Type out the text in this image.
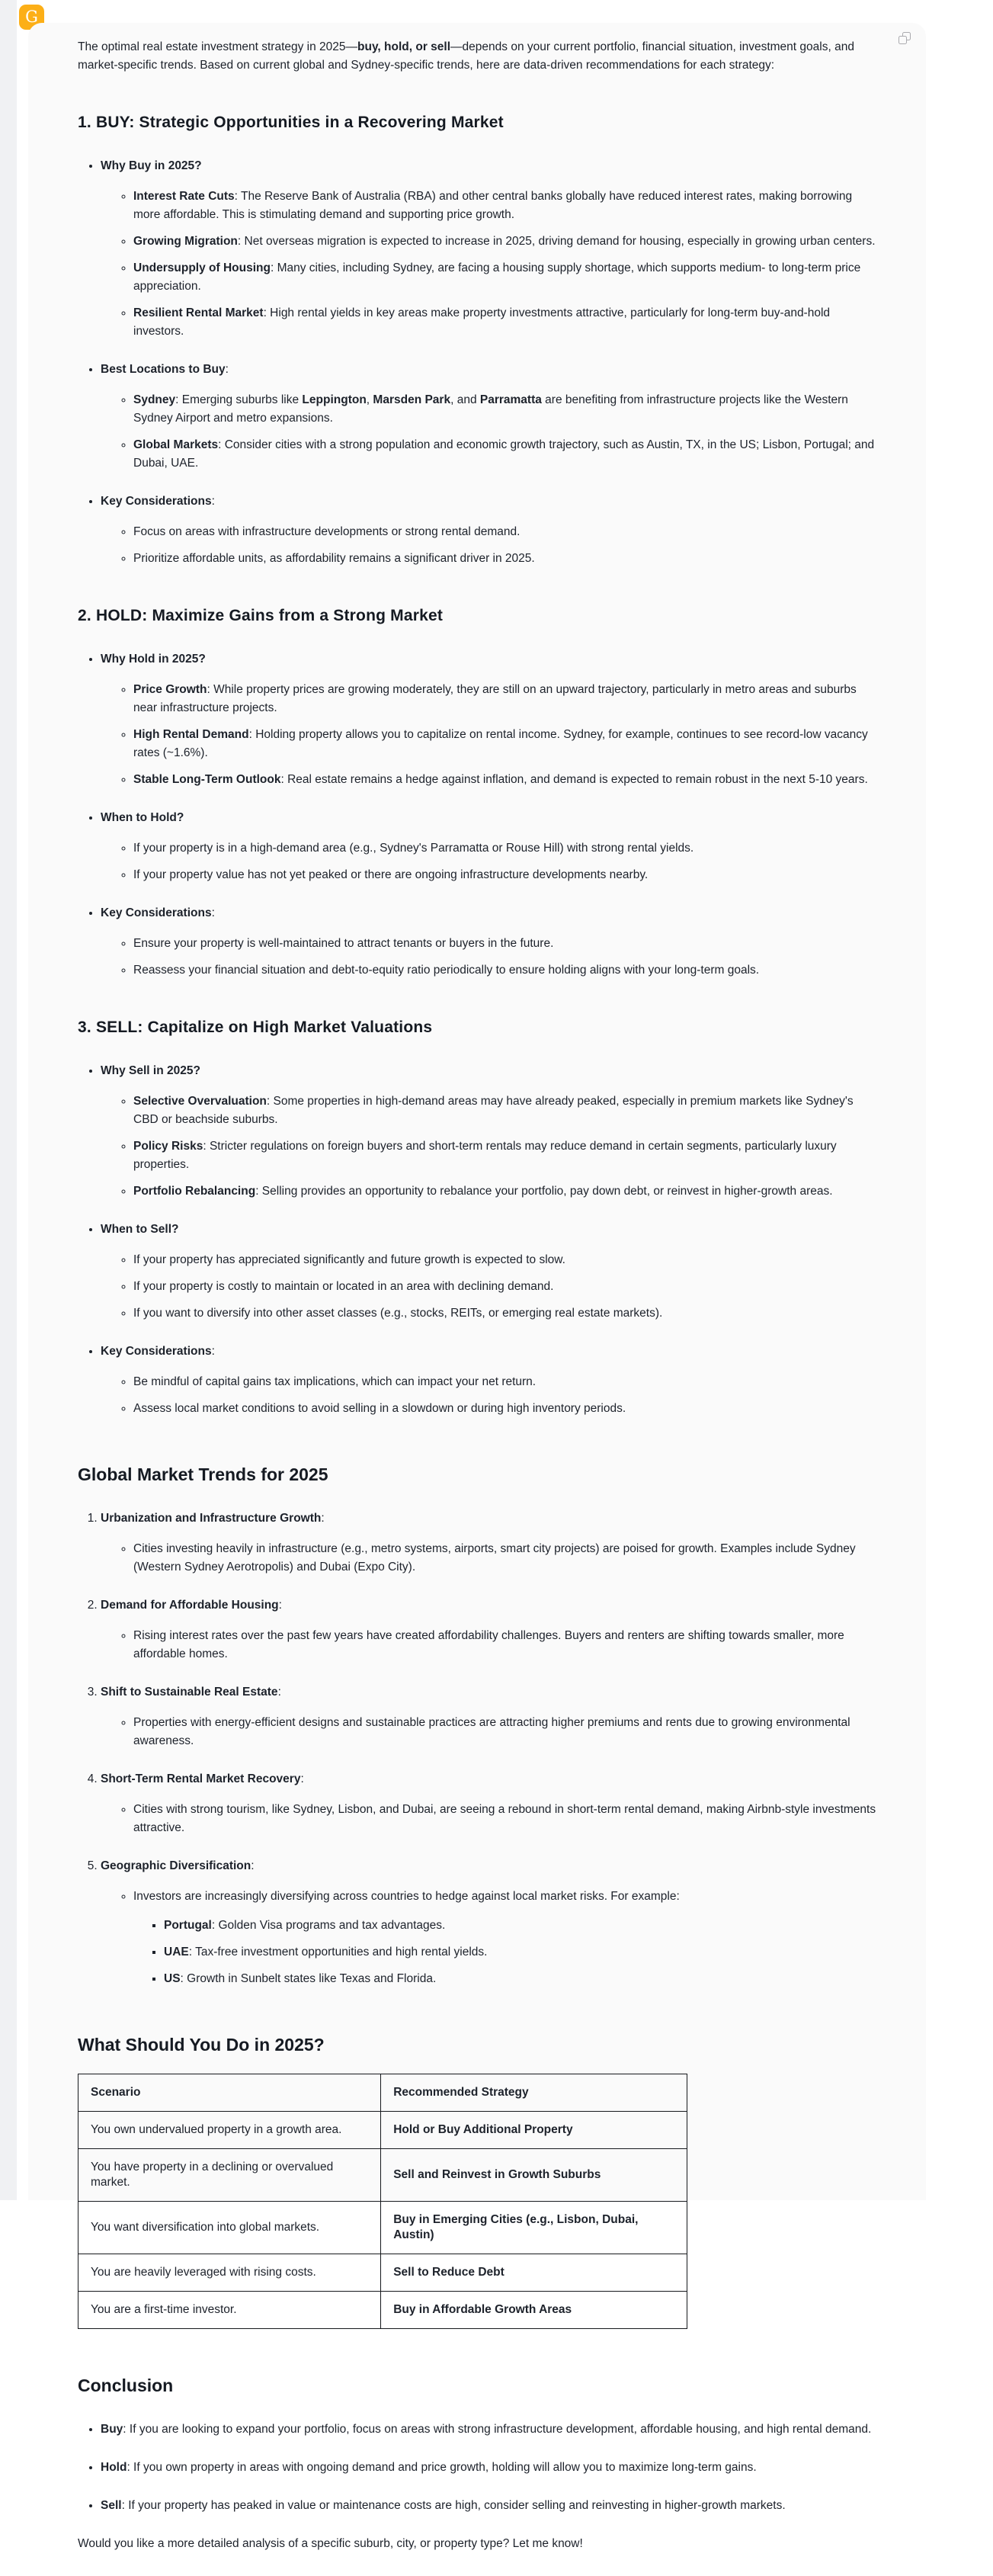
G

The optimal real estate investment strategy in 2025—buy, hold, or sell—depends on your current portfolio, financial situation, investment goals, and market-specific trends. Based on current global and Sydney-specific trends, here are data-driven recommendations for each strategy:

1. BUY: Strategic Opportunities in a Recovering Market
• Why Buy in 2025?
◦ Interest Rate Cuts: The Reserve Bank of Australia (RBA) and other central banks globally have reduced interest rates, making borrowing more affordable. This is stimulating demand and supporting price growth.
◦ Growing Migration: Net overseas migration is expected to increase in 2025, driving demand for housing, especially in growing urban centers.
◦ Undersupply of Housing: Many cities, including Sydney, are facing a housing supply shortage, which supports medium- to long-term price appreciation.
◦ Resilient Rental Market: High rental yields in key areas make property investments attractive, particularly for long-term buy-and-hold investors.
• Best Locations to Buy:
◦ Sydney: Emerging suburbs like Leppington, Marsden Park, and Parramatta are benefiting from infrastructure projects like the Western Sydney Airport and metro expansions.
◦ Global Markets: Consider cities with a strong population and economic growth trajectory, such as Austin, TX, in the US; Lisbon, Portugal; and Dubai, UAE.
• Key Considerations:
◦ Focus on areas with infrastructure developments or strong rental demand.
◦ Prioritize affordable units, as affordability remains a significant driver in 2025.
2. HOLD: Maximize Gains from a Strong Market
• Why Hold in 2025?
◦ Price Growth: While property prices are growing moderately, they are still on an upward trajectory, particularly in metro areas and suburbs near infrastructure projects.
◦ High Rental Demand: Holding property allows you to capitalize on rental income. Sydney, for example, continues to see record-low vacancy rates (~1.6%).
◦ Stable Long-Term Outlook: Real estate remains a hedge against inflation, and demand is expected to remain robust in the next 5-10 years.
• When to Hold?
◦ If your property is in a high-demand area (e.g., Sydney's Parramatta or Rouse Hill) with strong rental yields.
◦ If your property value has not yet peaked or there are ongoing infrastructure developments nearby.
• Key Considerations:
◦ Ensure your property is well-maintained to attract tenants or buyers in the future.
◦ Reassess your financial situation and debt-to-equity ratio periodically to ensure holding aligns with your long-term goals.
3. SELL: Capitalize on High Market Valuations
• Why Sell in 2025?
◦ Selective Overvaluation: Some properties in high-demand areas may have already peaked, especially in premium markets like Sydney's CBD or beachside suburbs.
◦ Policy Risks: Stricter regulations on foreign buyers and short-term rentals may reduce demand in certain segments, particularly luxury properties.
◦ Portfolio Rebalancing: Selling provides an opportunity to rebalance your portfolio, pay down debt, or reinvest in higher-growth areas.
• When to Sell?
◦ If your property has appreciated significantly and future growth is expected to slow.
◦ If your property is costly to maintain or located in an area with declining demand.
◦ If you want to diversify into other asset classes (e.g., stocks, REITs, or emerging real estate markets).
• Key Considerations:
◦ Be mindful of capital gains tax implications, which can impact your net return.
◦ Assess local market conditions to avoid selling in a slowdown or during high inventory periods.
Global Market Trends for 2025
1. Urbanization and Infrastructure Growth:
◦ Cities investing heavily in infrastructure (e.g., metro systems, airports, smart city projects) are poised for growth. Examples include Sydney (Western Sydney Aerotropolis) and Dubai (Expo City).
2. Demand for Affordable Housing:
◦ Rising interest rates over the past few years have created affordability challenges. Buyers and renters are shifting towards smaller, more affordable homes.
3. Shift to Sustainable Real Estate:
◦ Properties with energy-efficient designs and sustainable practices are attracting higher premiums and rents due to growing environmental awareness.
4. Short-Term Rental Market Recovery:
◦ Cities with strong tourism, like Sydney, Lisbon, and Dubai, are seeing a rebound in short-term rental demand, making Airbnb-style investments attractive.
5. Geographic Diversification:
◦ Investors are increasingly diversifying across countries to hedge against local market risks. For example:
▪ Portugal: Golden Visa programs and tax advantages.
▪ UAE: Tax-free investment opportunities and high rental yields.
▪ US: Growth in Sunbelt states like Texas and Florida.
What Should You Do in 2025?
Scenario	Recommended Strategy
You own undervalued property in a growth area.	Hold or Buy Additional Property
You have property in a declining or overvalued market.	Sell and Reinvest in Growth Suburbs
You want diversification into global markets.	Buy in Emerging Cities (e.g., Lisbon, Dubai, Austin)
You are heavily leveraged with rising costs.	Sell to Reduce Debt
You are a first-time investor.	Buy in Affordable Growth Areas
Conclusion
• Buy: If you are looking to expand your portfolio, focus on areas with strong infrastructure development, affordable housing, and high rental demand.
• Hold: If you own property in areas with ongoing demand and price growth, holding will allow you to maximize long-term gains.
• Sell: If your property has peaked in value or maintenance costs are high, consider selling and reinvesting in higher-growth markets.

Would you like a more detailed analysis of a specific suburb, city, or property type? Let me know!
